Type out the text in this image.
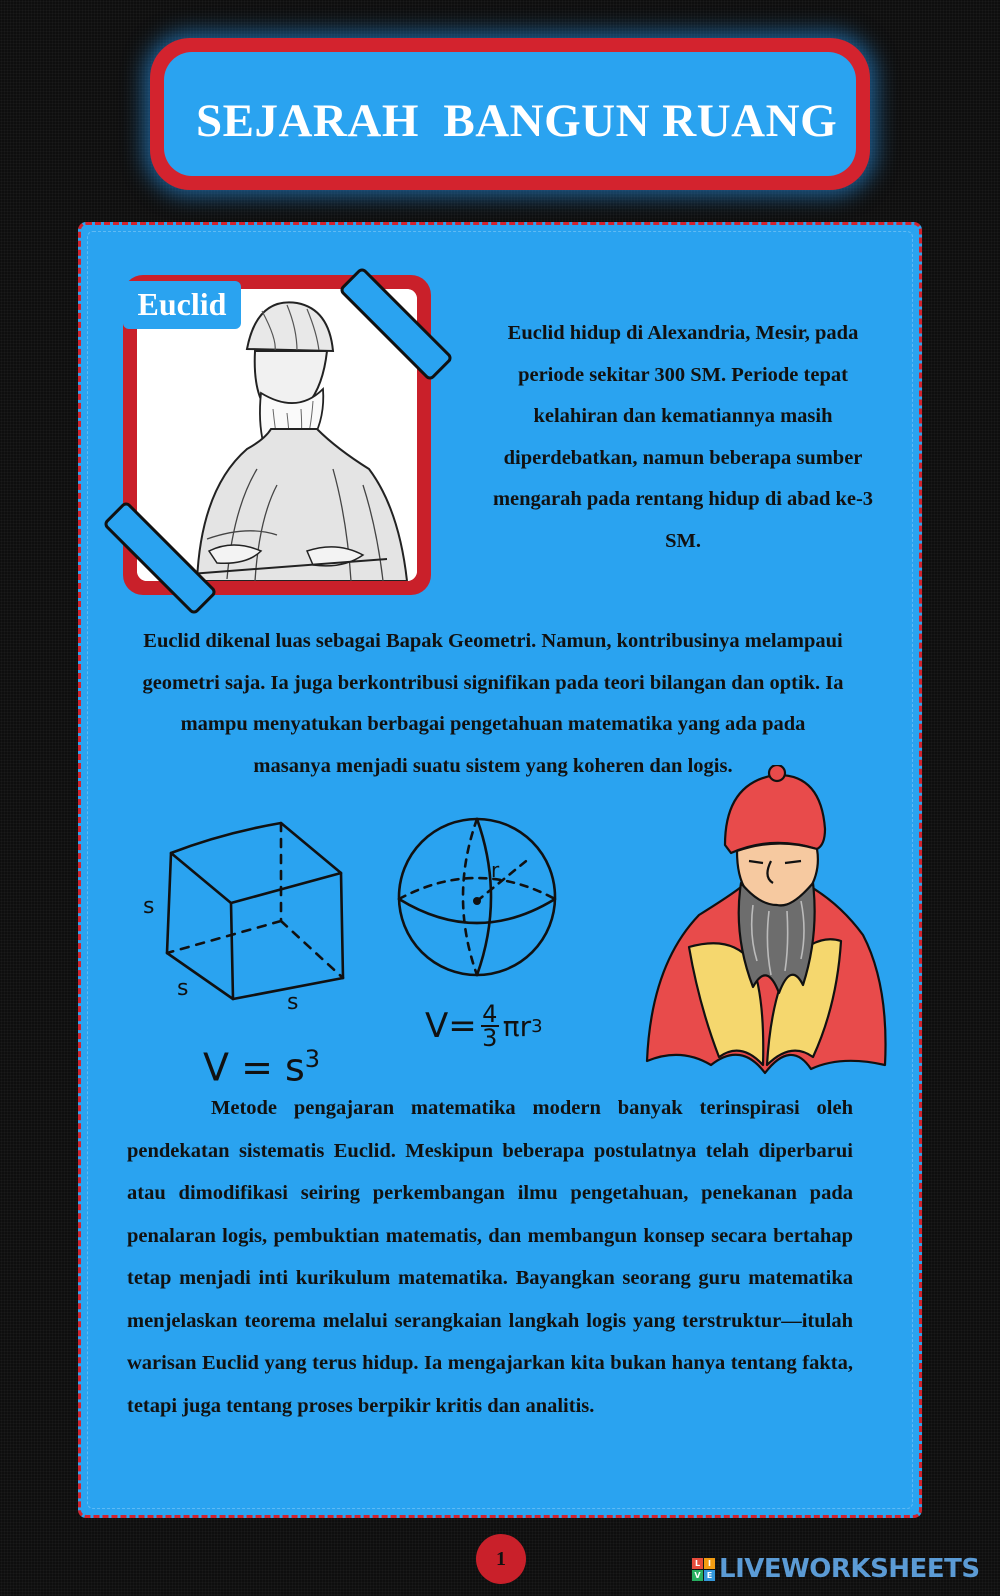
SEJARAH  BANGUN RUANG
Euclid
Euclid hidup di Alexandria, Mesir, pada periode sekitar 300 SM. Periode tepat kelahiran dan kematiannya masih diperdebatkan, namun beberapa sumber mengarah pada rentang hidup di abad ke-3 SM.
Euclid dikenal luas sebagai Bapak Geometri. Namun, kontribusinya melampaui geometri saja. Ia juga berkontribusi signifikan pada teori bilangan dan optik. Ia mampu menyatukan berbagai pengetahuan matematika yang ada pada masanya menjadi suatu sistem yang koheren dan logis.
s
s
s
$V = s^3$
r
$V= \frac{4}{3}$ πr 3
Metode pengajaran matematika modern banyak terinspirasi oleh pendekatan sistematis Euclid. Meskipun beberapa postulatnya telah diperbarui atau dimodifikasi seiring perkembangan ilmu pengetahuan, penekanan pada penalaran logis, pembuktian matematis, dan membangun konsep secara bertahap tetap menjadi inti kurikulum matematika. Bayangkan seorang guru matematika menjelaskan teorema melalui serangkaian langkah logis yang terstruktur—itulah warisan Euclid yang terus hidup. Ia mengajarkan kita bukan hanya tentang fakta, tetapi juga tentang proses berpikir kritis dan analitis.
1	L I
V E LIVEWORKSHEETS
